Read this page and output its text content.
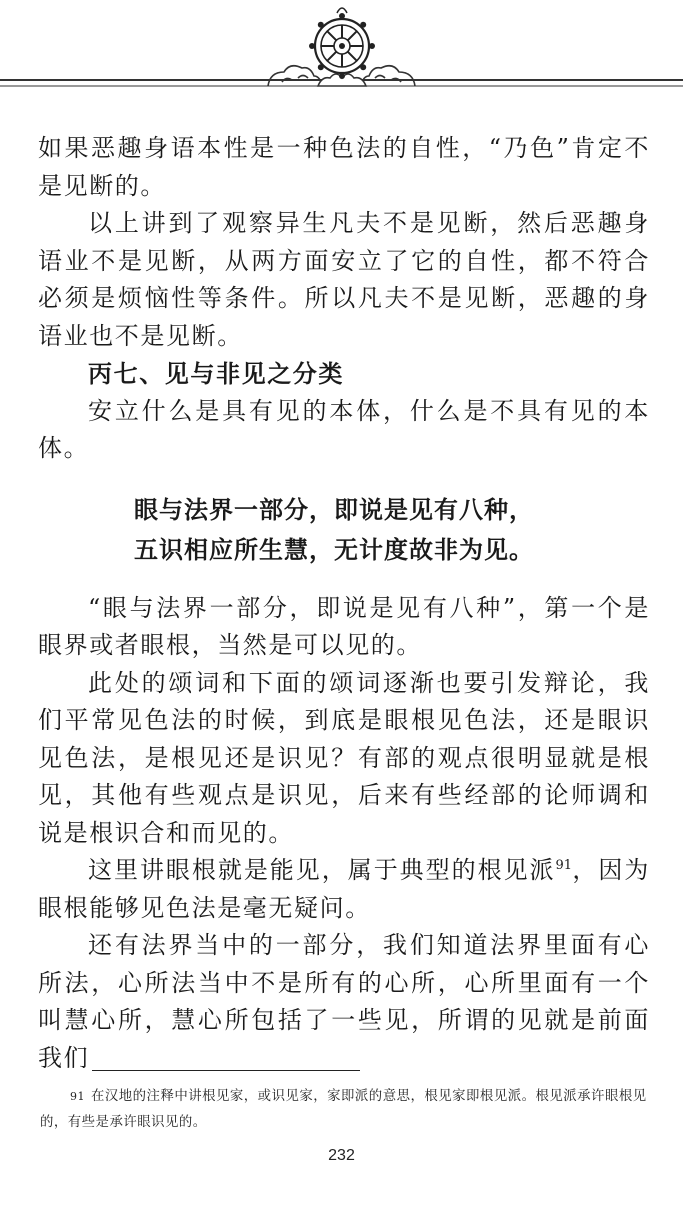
如果恶趣身语本性是一种色法的自性，“乃色”肯定不是见断的。

以上讲到了观察异生凡夫不是见断，然后恶趣身语业不是见断，从两方面安立了它的自性，都不符合必须是烦恼性等条件。所以凡夫不是见断，恶趣的身语业也不是见断。

丙七、见与非见之分类

安立什么是具有见的本体，什么是不具有见的本体。

眼与法界一部分，即说是见有八种，
五识相应所生慧，无计度故非为见。

“眼与法界一部分，即说是见有八种”，第一个是眼界或者眼根，当然是可以见的。

此处的颂词和下面的颂词逐渐也要引发辩论，我们平常见色法的时候，到底是眼根见色法，还是眼识见色法，是根见还是识见？有部的观点很明显就是根见，其他有些观点是识见，后来有些经部的论师调和说是根识合和而见的。

这里讲眼根就是能见，属于典型的根见派$^{91}$，因为眼根能够见色法是毫无疑问。

还有法界当中的一部分，我们知道法界里面有心所法，心所法当中不是所有的心所，心所里面有一个叫慧心所，慧心所包括了一些见，所谓的见就是前面我们

91 在汉地的注释中讲根见家，或识见家，家即派的意思，根见家即根见派。根见派承许眼根见的，有些是承许眼识见的。
232
